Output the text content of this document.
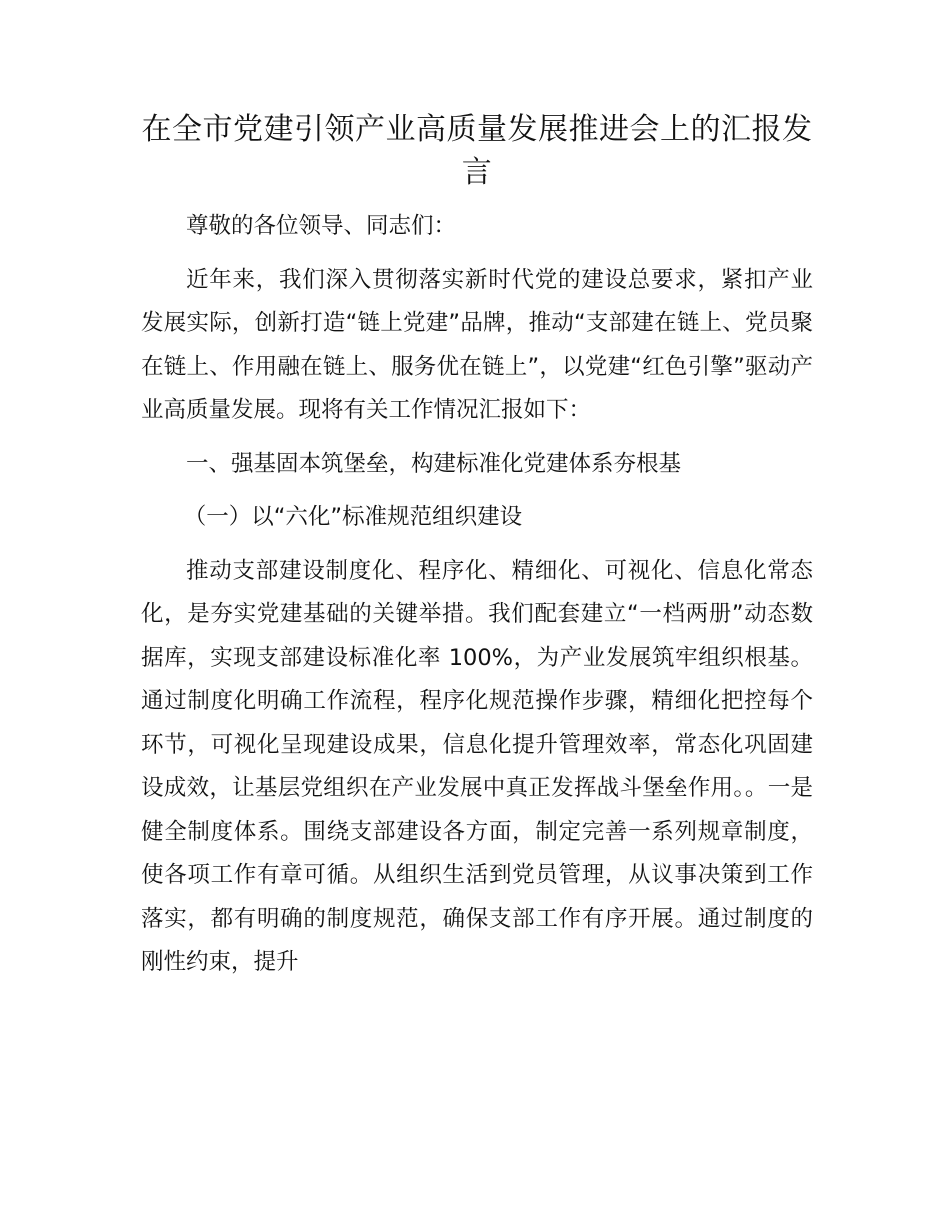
在全市党建引领产业高质量发展推进会上的汇报发言

尊敬的各位领导、同志们：

近年来，我们深入贯彻落实新时代党的建设总要求，紧扣产业发展实际，创新打造“链上党建”品牌，推动“支部建在链上、党员聚在链上、作用融在链上、服务优在链上”，以党建“红色引擎”驱动产业高质量发展。现将有关工作情况汇报如下：

一、强基固本筑堡垒，构建标准化党建体系夯根基

（一）以“六化”标准规范组织建设

推动支部建设制度化、程序化、精细化、可视化、信息化常态化，是夯实党建基础的关键举措。我们配套建立“一档两册”动态数据库，实现支部建设标准化率 100%，为产业发展筑牢组织根基。通过制度化明确工作流程，程序化规范操作步骤，精细化把控每个环节，可视化呈现建设成果，信息化提升管理效率，常态化巩固建设成效，让基层党组织在产业发展中真正发挥战斗堡垒作用。。一是健全制度体系。围绕支部建设各方面，制定完善一系列规章制度，使各项工作有章可循。从组织生活到党员管理，从议事决策到工作落实，都有明确的制度规范，确保支部工作有序开展。通过制度的刚性约束，提升
